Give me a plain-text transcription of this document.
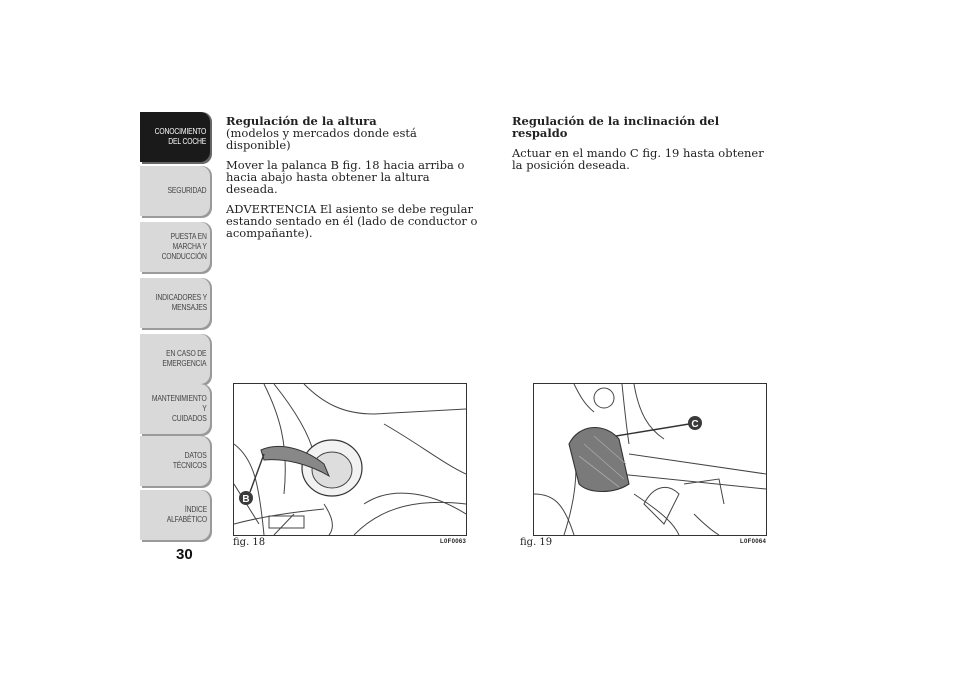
CONOCIMIENTO
DEL COCHE
SEGURIDAD
PUESTA EN
MARCHA Y
CONDUCCIÓN
INDICADORES Y
MENSAJES
EN CASO DE
EMERGENCIA
MANTENIMIENTO Y
CUIDADOS
DATOS TÉCNICOS
ÍNDICE
ALFABÉTICO
30

Regulación de la altura

(modelos y mercados donde está disponible)

Mover la palanca B fig. 18 hacia arriba o hacia abajo hasta obtener la altura deseada.

ADVERTENCIA El asiento se debe regular estando sentado en él (lado de conductor o acompañante).

Regulación de la inclinación del respaldo

Actuar en el mando C fig. 19 hasta obtener la posición deseada.

B
fig. 18	L0F0063
C
fig. 19	L0F0064
